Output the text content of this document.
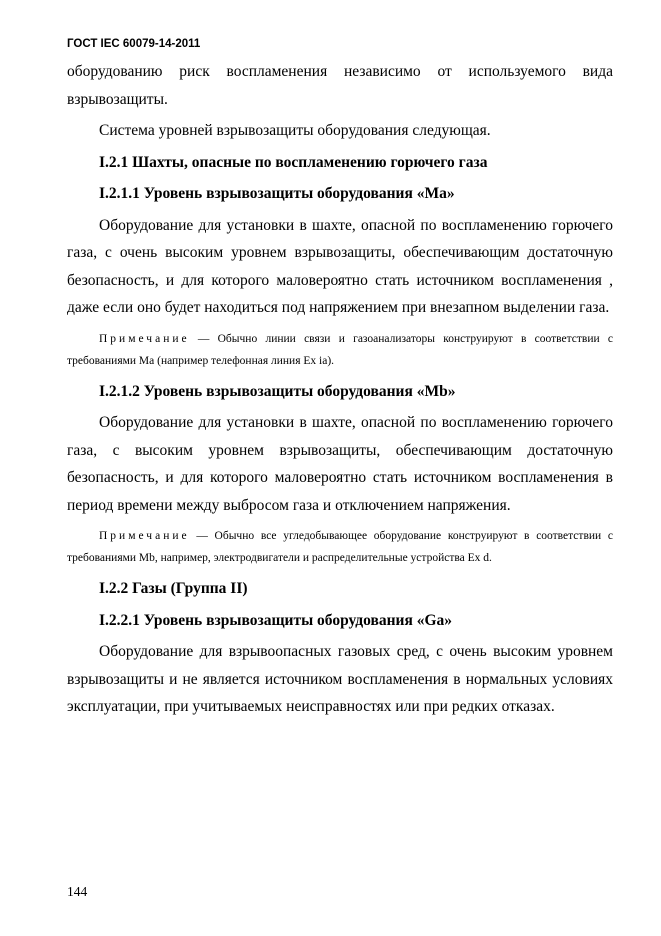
ГОСТ IEC 60079-14-2011

оборудованию риск воспламенения независимо от используемого вида взрывозащиты.

Система уровней взрывозащиты оборудования следующая.

I.2.1 Шахты, опасные по воспламенению горючего газа

I.2.1.1 Уровень взрывозащиты оборудования «Ma»

Оборудование для установки в шахте, опасной по воспламенению горючего газа, с очень высоким уровнем взрывозащиты, обеспечивающим достаточную безопасность, и для которого маловероятно стать источником воспламенения , даже если оно будет находиться под напряжением при внезапном выделении газа.

Примечание — Обычно линии связи и газоанализаторы конструируют в соответствии с требованиями Ma (например телефонная линия Ex ia).

I.2.1.2 Уровень взрывозащиты оборудования «Mb»

Оборудование для установки в шахте, опасной по воспламенению горючего газа, с высоким уровнем взрывозащиты, обеспечивающим достаточную безопасность, и для которого маловероятно стать источником воспламенения в период времени между выбросом газа и отключением напряжения.

Примечание — Обычно все угледобывающее оборудование конструируют в соответствии с требованиями Mb, например, электродвигатели и распределительные устройства Ex d.

I.2.2 Газы (Группа II)

I.2.2.1 Уровень взрывозащиты оборудования «Ga»

Оборудование для взрывоопасных газовых сред, с очень высоким уровнем взрывозащиты и не является источником воспламенения в нормальных условиях эксплуатации, при учитываемых неисправностях или при редких отказах.

144
